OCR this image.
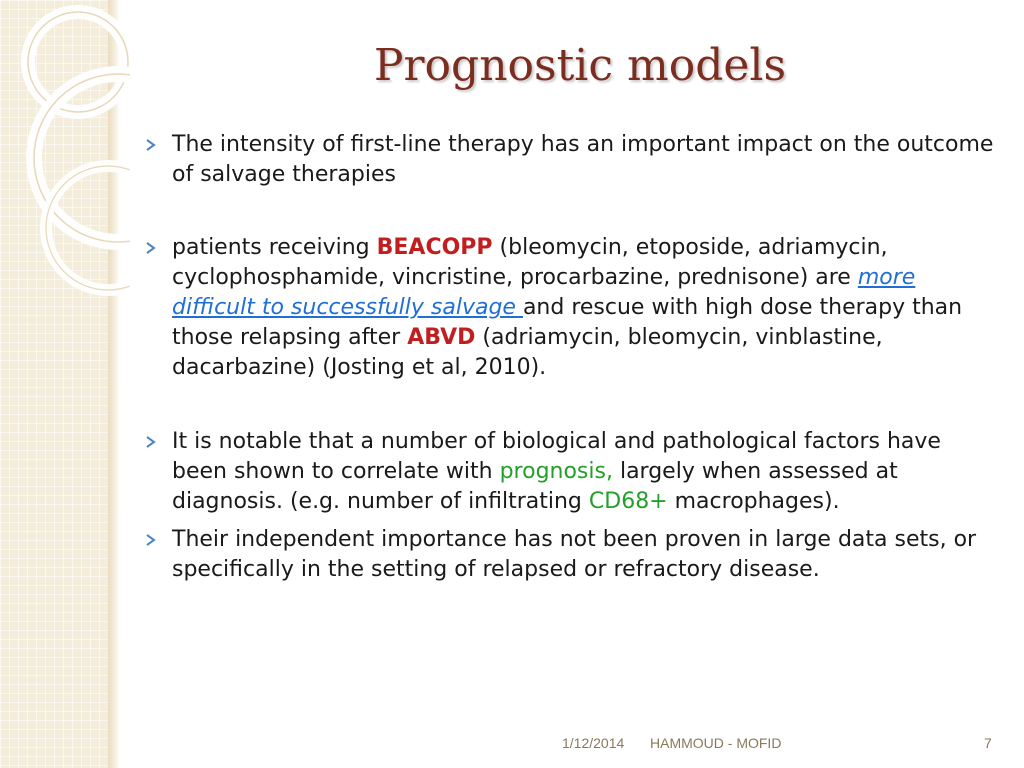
Prognostic models
The intensity of first-line therapy has an important impact on the outcome of salvage therapies
patients receiving BEACOPP (bleomycin, etoposide, adriamycin, cyclophosphamide, vincristine, procarbazine, prednisone) are more difficult to successfully salvage and rescue with high dose therapy than those relapsing after ABVD (adriamycin, bleomycin, vinblastine, dacarbazine) (Josting et al, 2010).
It is notable that a number of biological and pathological factors have been shown to correlate with prognosis, largely when assessed at diagnosis. (e.g. number of infiltrating CD68+ macrophages).
Their independent importance has not been proven in large data sets, or specifically in the setting of relapsed or refractory disease.
1/12/2014 HAMMOUD - MOFID	7
